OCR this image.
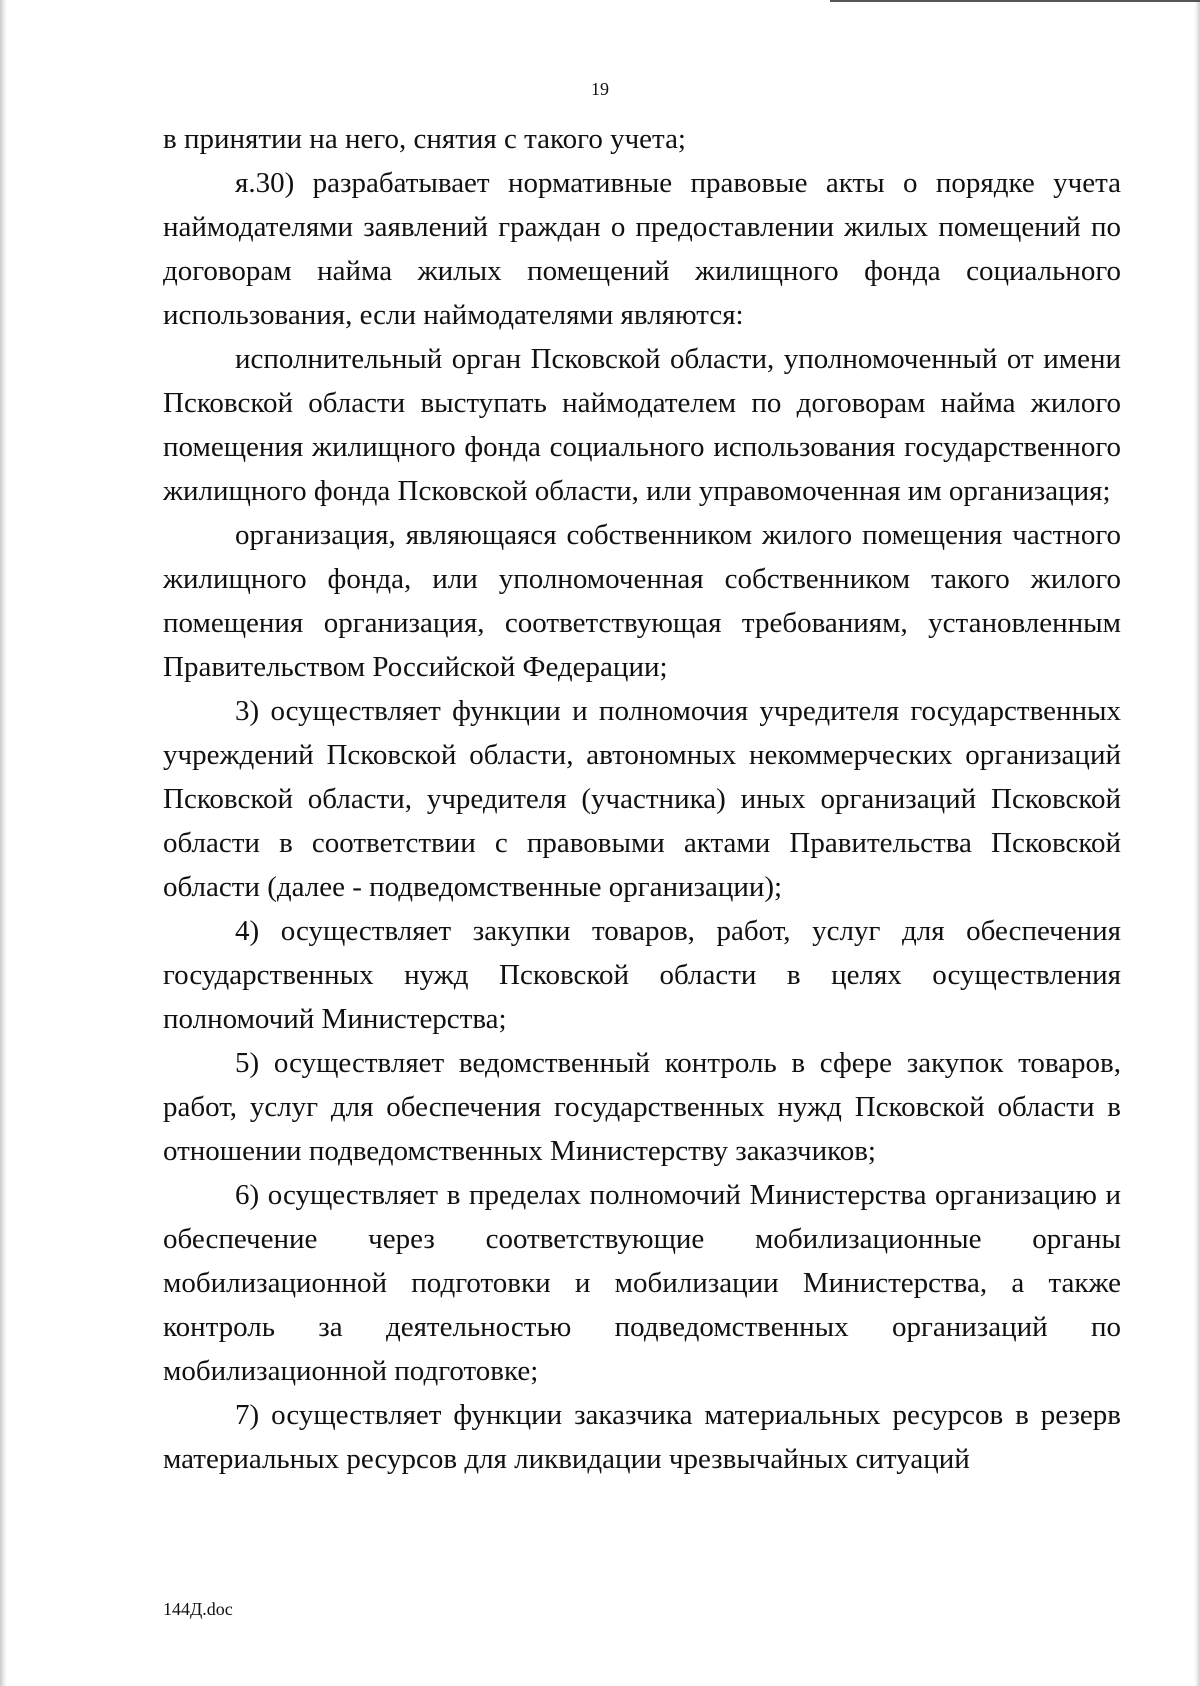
19

в принятии на него, снятия с такого учета;

я.30) разрабатывает нормативные правовые акты о порядке учета наймодателями заявлений граждан о предоставлении жилых помещений по договорам найма жилых помещений жилищного фонда социального использования, если наймодателями являются:

исполнительный орган Псковской области, уполномоченный от имени Псковской области выступать наймодателем по договорам найма жилого помещения жилищного фонда социального использования государственного жилищного фонда Псковской области, или управомоченная им организация;

организация, являющаяся собственником жилого помещения частного жилищного фонда, или уполномоченная собственником такого жилого помещения организация, соответствующая требованиям, установленным Правительством Российской Федерации;

3) осуществляет функции и полномочия учредителя государственных учреждений Псковской области, автономных некоммерческих организаций Псковской области, учредителя (участника) иных организаций Псковской области в соответствии с правовыми актами Правительства Псковской области (далее - подведомственные организации);

4) осуществляет закупки товаров, работ, услуг для обеспечения государственных нужд Псковской области в целях осуществления полномочий Министерства;

5) осуществляет ведомственный контроль в сфере закупок товаров, работ, услуг для обеспечения государственных нужд Псковской области в отношении подведомственных Министерству заказчиков;

6) осуществляет в пределах полномочий Министерства организацию и обеспечение через соответствующие мобилизационные органы мобилизационной подготовки и мобилизации Министерства, а также контроль за деятельностью подведомственных организаций по мобилизационной подготовке;

7) осуществляет функции заказчика материальных ресурсов в резерв материальных ресурсов для ликвидации чрезвычайных ситуаций

144Д.doc
